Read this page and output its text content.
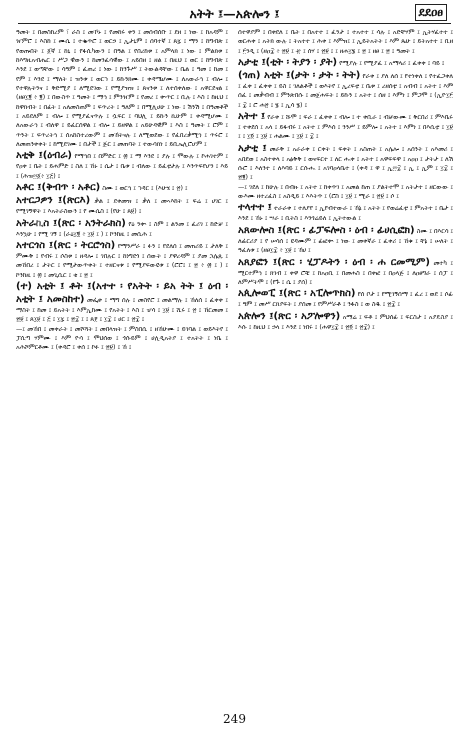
አትት ፤—አጵሎን ፤	ደደዐፀ

ዓመት ፤ በመስከረም ፣ ራስ ፤ መኾኑ ፤ የመከሩ ቀን ፤ መሰብሰቡ ፤ ደዘ ፤ ነው ፤ ከአዳም ፤ ዠምሮ ፤ እስከ ፤ ሙሴ ፤ ተቈጥሮ ፤ ወርኃ ፤ ኢታኒም ፤ ሰባተኛ ፤ ጸ፯ ፤ ማን ፤ ከግብጽ ፤ የወጡበት ፤ ፩ኛ ፤ ከኒ ፤ የፋሲካውን ፤ በዓል ፤ የበረከቱ ፤ አምላክ ፤ ነው ፤ ምልክቱ ፤ ከእግዚአብሔር ፤ ሥጋ ዊውን ፤ ከመንፈሳዊው ፤ አይበዘ ፤ ዘል ፤ በዚህ ፤ ወር ፤ ከግብጽ ፤ እንደ ፤ ወጣቸው ፤ ሳዓም ፤ ፈጠረ ፤ ነው ፤ ከንጉሥ ፤ ትውልዳቸው ፤ ቤል ፤ ዓመ ፤ ከመ ፤ የም ፤ እንደ ፤ ማለት ፤ ዝንቱ ፤ ወርኀ ፤ ይኩንክሙ ፤ ቀዳሜሆሙ ፤ ለአውራኅ ፤ ብሎ ፤ የተዋሉትንና ፤ ቅድሚያ ፤ ለሚደገው ፤ የሚያዝዝ ፤ ጸናንቱ ፤ ለተሰቀለው ፤ አዋርደናል ፤ (ዘፀ፲፪ ፥ ፪) ፤ በውስጥ ፤ ዓመት ፤ ማኅ ፤ ምንዠም ፤ የመረ ፤ ቍጥር ፤ ቢሉ ፤ እስ ፤ ከዚህ ፤ ከዋክብት ፤ በፊት ፤ አለመስጠም ፤ ፍጥረት ፤ ዓለም ፤ በሚሊሀሁ ፤ ነው ፤ ሽንሽ ፤ በዓመቶች ፤ አይደለም ፤ ብሎ ፤ የሚያፈናጥሉ ፤ ሷፍር ፤ ባህሊ ፤ ይኩን ኪሁም ፤ ቀዳሚሆሙ ፤ ለአውራኅ ፤ ብለዋ ፤ ይፈርሰዋል ፤ ብሎ ፤ ይዘዋል ፤ አይሁዳዊም ፤ እስ ፤ ዓመት ፤ ሮም ፤ ጥንት ፤ ፍጥረትኅ ፤ ሰአከስተረውም ፤ መኸትናሉ ፤ ለሚወደው ፤ የፈበረቃሚኅ ፤ ጥሩሮ ፤ ለመጠንቀቀት ፤ ከሚደገሙ ፤ በታች ፤ ጅር ፤ መጠባት ፤ ተውሳክነ ፤ ይቢኤሊሮሆም ፤

አቲቅ ፤(ዕብራ) የማኅበ ፤ በምድር ፤ ፴ ፤ ማ እንደ ፤ ያሉ ፤ ሞውሉ ፤ ኮሐገተም ፤ የዐቀ ፤ ቤት ፤ ይሐምድ ፤ ስለ ፤ ኸኑ ፤ ሴታ ፤ ቤቱ ፤ ብለው ፤ ይፈቲታሉ ፤ እንጥፍየሆን ፤ እይ ፤ (ሕዝ፵፩፥ ፲፭) ፤

አቶር ፤(ቅብጥ ፡ አቶር) ስሙ ፤ ወርኅ ፤ ኀዳር ፤ (እሁሄ ፤ ፳) ፤

አተርጋዎን ፤(ጽርእ) ቃል ፤ ደቀመዝ ፤ ቃለ ፤ መኣእከት ፤ ፍሬ ፤ ሀገር ፤ የሚገኝዋት ፤ እአትራስውን ፤ የ ሙሴስ ፤ (የሁ ፤ ጸ፱) ፤

አትራኪስ ፤(ጽር ፡ አንትራክስ) የዕ ንቍ ፤ ስም ፤ ልንመ ፤ ፈሪገ ፤ ከድቻ ፤ እንኳሁ ፤ የሚ ገኝ ፤ (ራዕ፲፪ ፥ ፲፱ ፤ ) ፤ ኮንከዚ ፤ መሲሕ ፤

አተርጎስ ፤(ጽር ፡ ትርሮጎስ) የማንሥራ ፤ ፉን ፤ የደለሰ ፤ መጠሪይ ፤ ታለቅ ፤ ምሙቅ ፤ የብሩ ፤ ሶስቱ ፤ ዘዳሎ ፤ ገበሉር ፤ ከነግደጎ ፤ ሰውት ፤ ያዋረዳም ፤ ያመ ኋሌጹ ፤ መኸበረ ፤ ታትር ፤ የሚታውጥቀት ፤ ተዘርናቱ ፤ የሚያፍውዩቱ ፤ (ሮሮ፤ ፤ ፳ ፥ ፴ ፤ ) ፤ ኮንከዚ ፤ ፴ ፤ መጊሲር ፤ ቂ ፤ ፳ ፤

(ተ) አቲት ፤ ቶት ፤(አተተ ፡ የአትት ፡ ይአ ትት ፤ ዕብ ፡ አቲት ፤ አመስከተ) መፌቀ ፤ ማግ ሰሉ ፤ መስየሮ ፤ መልማሉ ፤ ኸለሰ ፤ ፈቀቀ ፤ ማስት ፤ ከመ ፤ ይአትት ፤ እምኢከሙ ፤ የአትት ፤ እስ ፤ ሇሳ ፤ ፲፱ ፤ ሺሩ ፤ ፳ ፤ ኸርመመ ፤ ፳፱ ፤ ጸ፲፱ ፤ ፭ ፤ ፲፯ ፤ ፳፰ ፤ ፤ ጸ፻ ፤ ፲፰ ፤ ሀር ፤ ፳፰ ፤

—፤ መኸበ ፤ መቀራት ፤ መሾሻት ፤ መበላዝት ፤ ምስበሲ ፤ ዘኸሁሙ ፤ ይገባል ፤ ወይእትየ ፤ ፓሲጣ ሃምሙ ፤ እም ዮሳ ፤ ሞህሰወ ፤ ጎሱይም ፤ ሀሊዲአትያ ፤ ተአትት ፤ ነቤ ፤ አሕሾምርቶሙ ፤ (ቀዳሮ ፤ ቀሰ ፤ ኮፉ ፤ ፳፱) ፤ ኸ ፤

ሰተዋያም ፤ በቀደለ ፤ ቤት ፤ በአተተ ፤ ፈንታ ፤ ተአተተ ፤ ሳሉ ፤ አድቸሃም ፤ ኢትሃፈተተ ፤ ወርሐቀ ፤ አትክ ውሉ ፤ ትአተተ ፤ ሕቀ ፤ እምዝ፤ ፤ ኢይትአትት ፤ እም ጼሁ ፤ ይትአተተ ፤ ቢዘ ፤ ፫ንዲ ፤ (ዘዐ፰ ፥ ፳፱ ፤ ፹ ፤ ሰሃ ፤ ፳፱ ፤ ፤ ዘሐ፲፮ ፤ ፳ ፤ ዘፀ ፤ ፳ ፤ ዓመት ፤

አታቲ ፤(ቲት ፡ ትያን ፡ ያት) የሚያሉ ፤ የሚያፈ ፤ አማላሪ ፤ ፈቀቀ ፤ ባይ ፤

(ጎጠ) አቲት ፤(ታት ፡ ታት ፡ ትት) የራቀ ፤ ያለ ለሰ ፤ የተነቀለ ፤ የተፈጋቀለ ፤ ፈቀ ፤ ፈቀቀ ፤ ይስ ፤ ገለልቶች ፤ ወእትየ ፤ ኢረፍቲ ፤ ቤቱ ፤ ረዘሰቲ ፤ አብብ ፤ አትተ ፤ እም ሰፈ ፤ መቃብብ ፤ ምንጽበሱ ፤ መጀሐፍት ፤ ይኩን ፤ አትተ ፤ ሰዘ ፤ እምነ ፤ ምጋሞ ፤ (ኢዮ፲፫ ፤ ፰ ፤ ሮ ሐ፳ ፤ ፮ ፤ ኢሳ ፮) ፤

አትተ ፤ የራቀ ፤ ሹሞ ፤ ፍራ ፤ ፈቀቀ ፤ ብሎ ፤ ተ ቀቢራ ፤ ብቻውሙ ፤ ቅርበሪ ፤ ምእቤሩ ፤ ተቀደሰ ፤ አላ ፤ ይፋብሩ ፤ አትተ ፤ ምእሰ ፤ ንንሥ ፤ ይምሎ ፤ አትተ ፤ እምነ ፤ በእሲቲ ፤ ፲፱ ፤ ፤ ፲፬ ፤ ፲፱ ፤ ሐልሙ ፤ ፲፱ ፤ ፰ ፤

አታቲ ፤ መራቅ ፤ አራራቀ ፤ ርቀት ፤ ፍቀት ፤ አስጠት ፤ አሌሎ ፤ አሰንት ፤ አእመሪ ፤ አበደወ ፤ አስተቀላ ፤ አፅቅቅ ፤ ወናፍርተ ፤ ለር ሑቀ ፤ አትተ ፤ አዋፍፍዋ ፤ አዐዐ ፤ ታትታ ፤ ለሽ ሱሮ ፤ እለንተ ፤ ለእባይ ፤ ርሱሑ ፤ አገባዐላቤተ ፤ (ቀዳ ፤ ዋ ፤ ኢ፵፰ ፤ ኢ ፤ ኢም ፤ ፲፰ ፤ ፳፪) ፤

—፤ ገደለ ፤ ከሁሉ ፤ በብዙ ፤ አትተ ፤ ከቀጥገ ፤ አመል ከጠ ፤ ያልትተሞ ፤ አትታተ ፤ ዘርውው ፤ ውእሙ ዘተረፈስ ፤ አስዲይ ፤ እእትጥ ፤ (ሮስ ፤ ፲፱ ፤ ሚራ ፤ ፳፱ ፤ ሶ ፤

ተላተተ ፤ ተራራቀ ፤ ተለያየ ፤ ኢየብተውራ ፤ ኸኔ ፤ አትት ፤ የወሬፈቲ ፤ ምአትተ ፤ ቤታ ፤ እንደ ፤ ኸኑ ፤ ሣራ ፤ ቢትስ ፤ እንጎሬይለ ፤ ኢትተውል ፤

አጸውሎስ ፤(ጽር ፡ ፊፓፍሎስ ፡ ዕብ ፡ ፊሀሲፎክ) ስሙ ፤ በእርሳ ፤ ለፊርሪያ ፤ የ ሠሳሰ ፤ ዩዳሙም ፤ ፊፎቍ ፤ ነው ፤ መቀኛራ ፤ ፈቀሪ ፤ ኸቁ ፤ ቸኔ ፤ ሠለት ፤ ዓፈለቱ ፤ (ዘፀ፲፰ ፥ ፲፱ ፤ ኸሀ ፤

አጸያፎን ፤(ጽር ፡ ሂፓዶትን ፡ ዕብ ፡ ሐ ርመሚም) መተካ ፤ ሚርተምኅ ፤ ክገብ ፤ ቀዋ ሮቹ ፤ ከአዐቢ ፤ በመሐስ ፤ በቀፎ ፤ በዐላጅ ፤ ለዐፀግራ ፤ ሰፓ ፤ ለምሥትሞ ፤ (የጉ ፤ ሴ ፤ ያሰ) ፤

አጲሎወፒ ፤(ጽር ፡ አፒሎጥክስ) የሰ ቦታ ፤ የሚገኝሰማ ፤ ፈረ ፤ ወደ ፤ ሶፊ ፤ ዓም ፤ መሥ ርክያፍት ፤ ያሰመ ፤ የምሥራቶ ፤ ንፋስ ፤ ወ ስዱ ፤ ፳፰ ፤

አጵሎን ፤(ጽር ፡ አፖሎዋን) አማሬ ፤ ፍቶ ፤ ምህሰፊ ፤ ፍርስታ ፤ አያዴስያ ፤ እሱ ፤ ከዚህ ፤ ኃላ ፤ እንደ ፤ ነበሩ ፤ (ሐዋ፲፰ ፤ ፳፬ ፤ ፳፰) ፤

249
